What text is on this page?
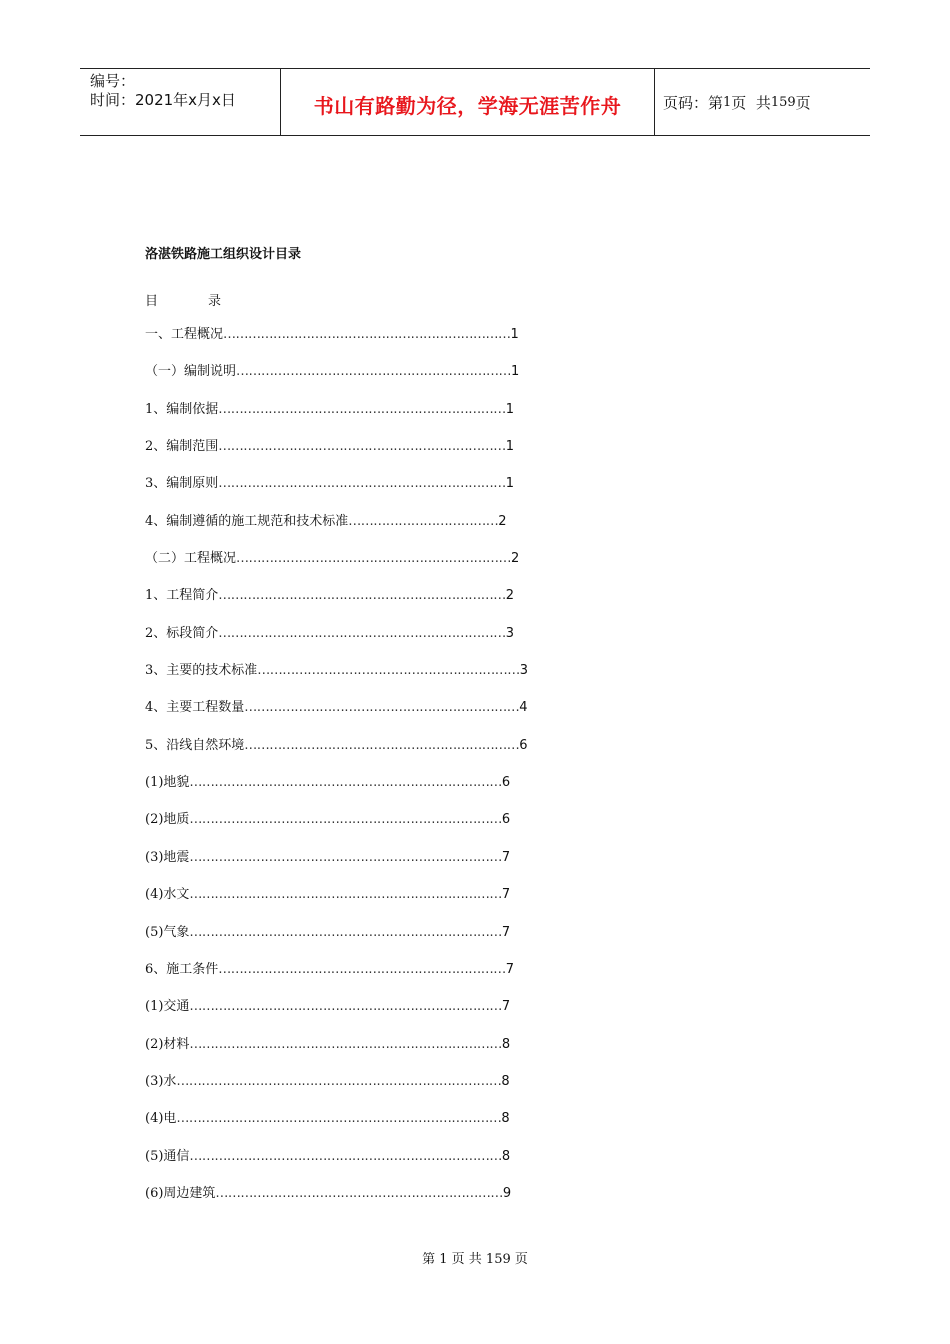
编号：
时间：2021年x月x日	书山有路勤为径，学海无涯苦作舟	页码：第 1 页  共 159 页
洛湛铁路施工组织设计目录
目	录
一、工程概况……………………………………………………………1
（一）编制说明…………………………………………………………1
1、编制依据……………………………………………………………1
2、编制范围……………………………………………………………1
3、编制原则……………………………………………………………1
4、编制遵循的施工规范和技术标准………………………………2
（二）工程概况…………………………………………………………2
1、工程简介……………………………………………………………2
2、标段简介……………………………………………………………3
3、主要的技术标准………………………………………………………3
4、主要工程数量…………………………………………………………4
5、沿线自然环境…………………………………………………………6
(1)地貌…………………………………………………………………6
(2)地质…………………………………………………………………6
(3)地震…………………………………………………………………7
(4)水文…………………………………………………………………7
(5)气象…………………………………………………………………7
6、施工条件……………………………………………………………7
(1)交通…………………………………………………………………7
(2)材料…………………………………………………………………8
(3)水……………………………………………………………………8
(4)电……………………………………………………………………8
(5)通信…………………………………………………………………8
(6)周边建筑……………………………………………………………9
第 1 页 共 159 页
